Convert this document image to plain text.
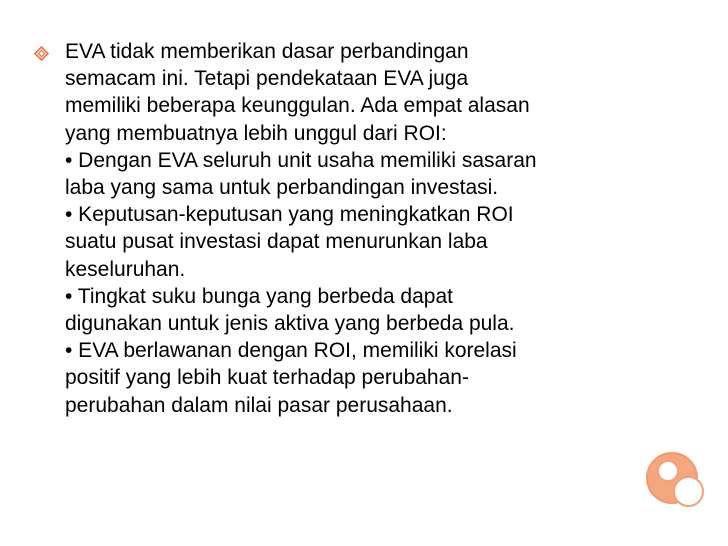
EVA tidak memberikan dasar perbandingan
semacam ini. Tetapi pendekataan EVA juga
memiliki beberapa keunggulan. Ada empat alasan
yang membuatnya lebih unggul dari ROI:
• Dengan EVA seluruh unit usaha memiliki sasaran
laba yang sama untuk perbandingan investasi.
• Keputusan-keputusan yang meningkatkan ROI
suatu pusat investasi dapat menurunkan laba
keseluruhan.
• Tingkat suku bunga yang berbeda dapat
digunakan untuk jenis aktiva yang berbeda pula.
• EVA berlawanan dengan ROI, memiliki korelasi
positif yang lebih kuat terhadap perubahan-
perubahan dalam nilai pasar perusahaan.
